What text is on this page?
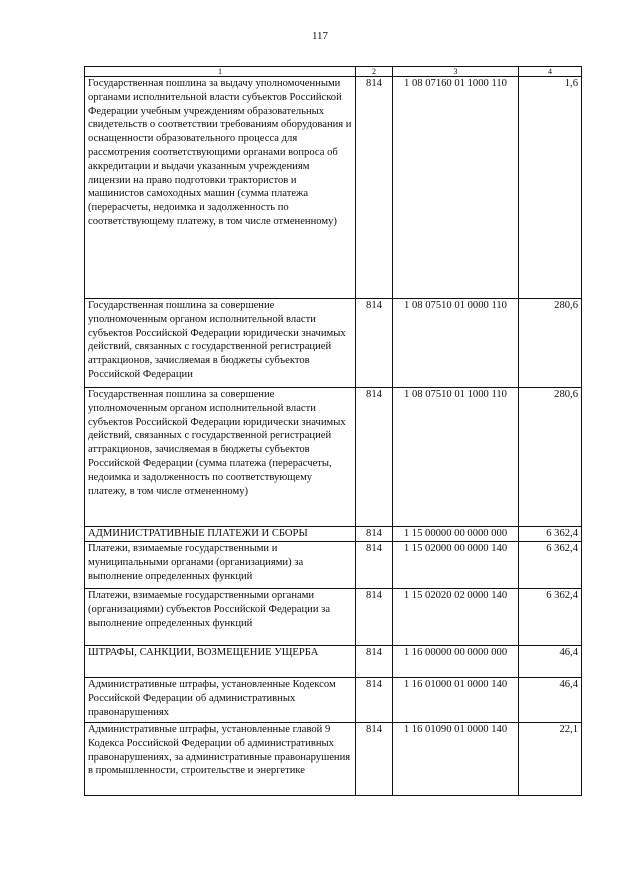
117
1	2	3	4
Государственная пошлина за выдачу уполномоченными органами исполнительной власти субъектов Российской Федерации учебным учреждениям образовательных свидетельств о соответствии требованиям оборудования и оснащенности образовательного процесса для рассмотрения соответствующими органами вопроса об аккредитации и выдачи указанным учреждениям лицензии на право подготовки трактористов и машинистов самоходных машин (сумма платежа (перерасчеты, недоимка и задолженность по соответствующему платежу, в том числе отмененному)	814	1 08 07160 01 1000 110	1,6
Государственная пошлина за совершение уполномоченным органом исполнительной власти субъектов Российской Федерации юридически значимых действий, связанных с государственной регистрацией аттракционов, зачисляемая в бюджеты субъектов Российской Федерации	814	1 08 07510 01 0000 110	280,6
Государственная пошлина за совершение уполномоченным органом исполнительной власти субъектов Российской Федерации юридически значимых действий, связанных с государственной регистрацией аттракционов, зачисляемая в бюджеты субъектов Российской Федерации (сумма платежа (перерасчеты, недоимка и задолженность по соответствующему платежу, в том числе отмененному)	814	1 08 07510 01 1000 110	280,6
АДМИНИСТРАТИВНЫЕ ПЛАТЕЖИ И СБОРЫ	814	1 15 00000 00 0000 000	6 362,4
Платежи, взимаемые государственными и муниципальными органами (организациями) за выполнение определенных функций	814	1 15 02000 00 0000 140	6 362,4
Платежи, взимаемые государственными органами (организациями) субъектов Российской Федерации за выполнение определенных функций	814	1 15 02020 02 0000 140	6 362,4
ШТРАФЫ, САНКЦИИ, ВОЗМЕЩЕНИЕ УЩЕРБА	814	1 16 00000 00 0000 000	46,4
Административные штрафы, установленные Кодексом Российской Федерации об административных правонарушениях	814	1 16 01000 01 0000 140	46,4
Административные штрафы, установленные главой 9 Кодекса Российской Федерации об административных правонарушениях, за административные правонарушения в промышленности, строительстве и энергетике	814	1 16 01090 01 0000 140	22,1
